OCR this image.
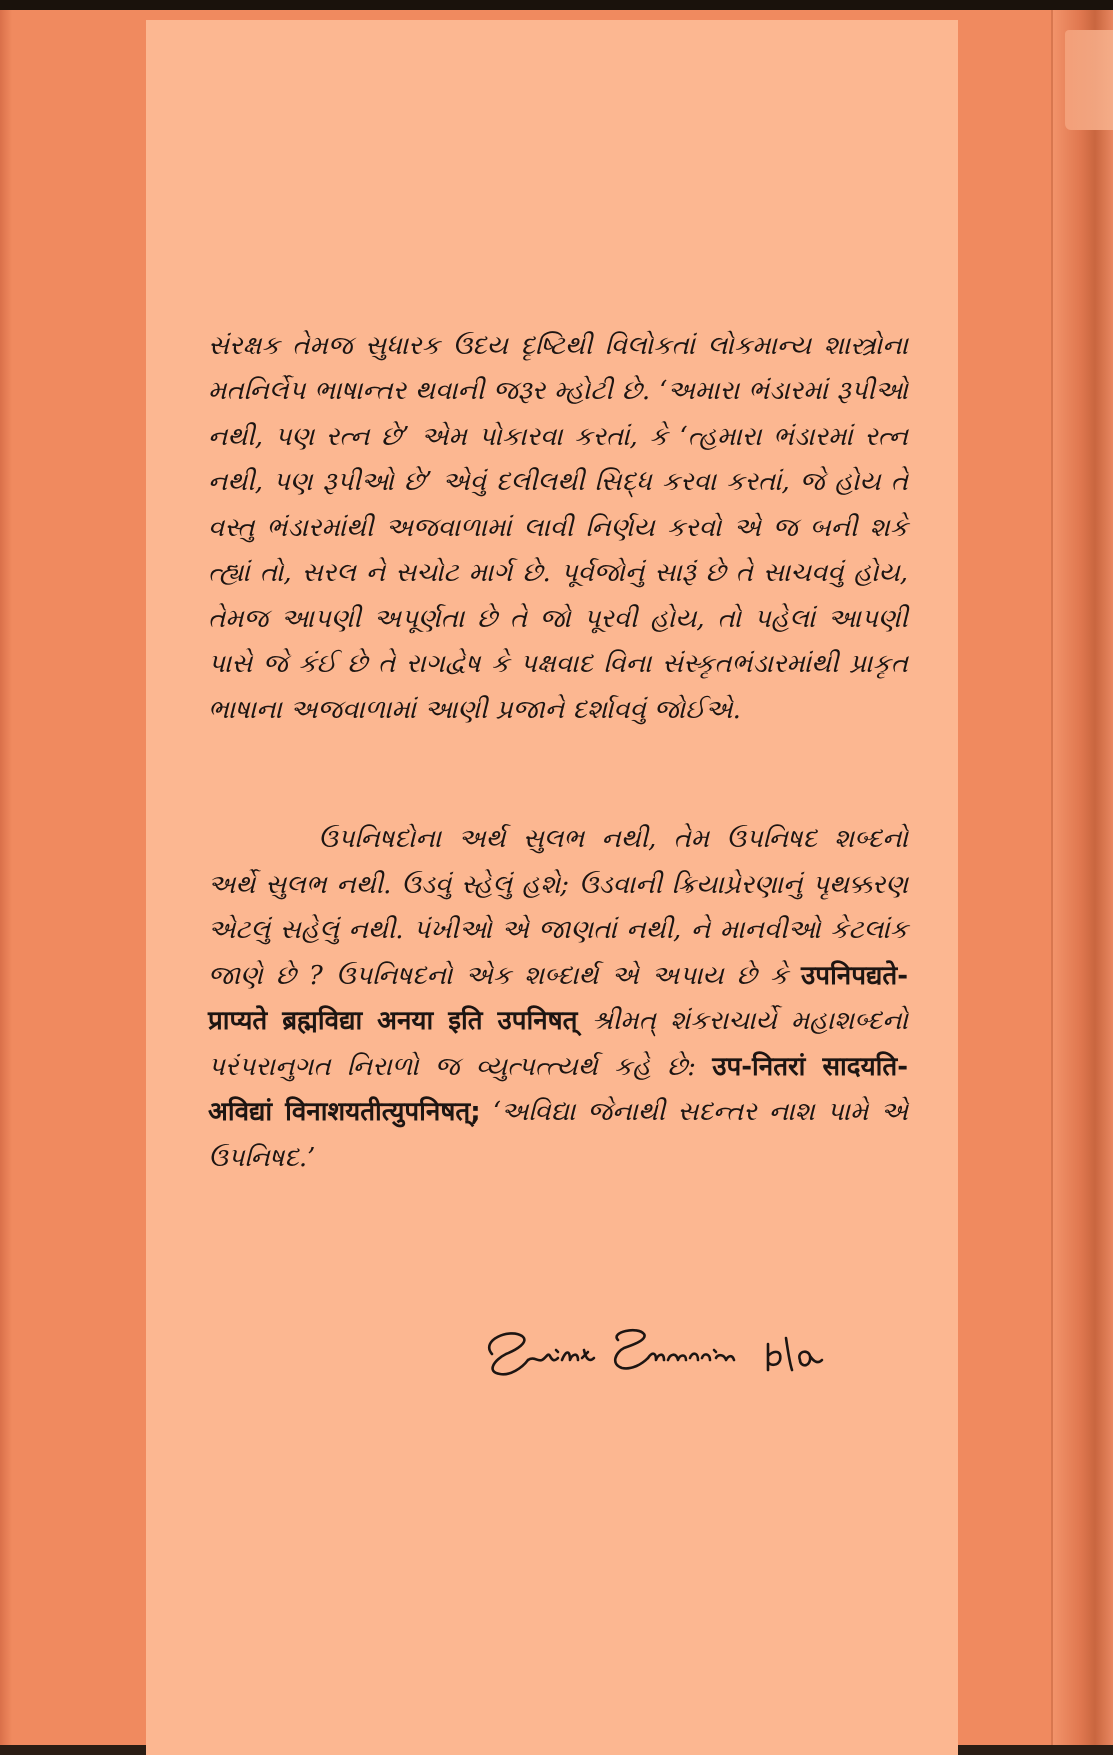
સંરક્ષક તેમજ સુધારક ઉદય દૃષ્ટિથી વિલોકતાં લોકમાન્ય શાસ્ત્રોના મતનિર્લેપ ભાષાન્તર થવાની જરૂર મ્હોટી છે. ‘અમારા ભંડારમાં રૂપીઓ નથી, પણ રત્ન છે’ એમ પોકારવા કરતાં, કે ‘ત્હમારા ભંડારમાં રત્ન નથી, પણ રૂપીઓ છે’ એવું દલીલથી સિદ્ધ કરવા કરતાં, જે હોય તે વસ્તુ ભંડારમાંથી અજવાળામાં લાવી નિર્ણય કરવો એ જ બની શકે ત્હ્યાં તો, સરલ ને સચોટ માર્ગ છે. પૂર્વજોનું સારૂં છે તે સાચવવું હોય, તેમજ આપણી અપૂર્ણતા છે તે જો પૂરવી હોય, તો પહેલાં આપણી પાસે જે કંઈ છે તે રાગદ્વેષ કે પક્ષવાદ વિના સંસ્કૃતભંડારમાંથી પ્રાકૃત ભાષાના અજવાળામાં આણી પ્રજાને દર્શાવવું જોઈએ.

ઉપનિષદોના અર્થ સુલભ નથી, તેમ ઉપનિષદ શબ્દનો અર્થે સુલભ નથી. ઉડવું સ્હેલું હશે; ઉડવાની ક્રિયાપ્રેરણાનું પૃથક્કરણ એટલું સહેલું નથી. પંખીઓ એ જાણતાં નથી, ને માનવીઓ કેટલાંક જાણે છે ? ઉપનિષદનો એક શબ્દાર્થ એ અપાય છે કે उपनिपद्यते-प्राप्यते ब्रह्मविद्या अनया इति उपनिषत् શ્રીમત્ શંકરાચાર્યે મહાશબ્દનો પરંપરાનુગત નિરાળો જ વ્યુત્પત્ત્યર્થ કહે છે: उप-नितरां सादयति-अविद्यां विनाशयतीत्युपनिषत्; ‘અવિદ્યા જેનાથી સદન્તર નાશ પામે એ ઉપનિષદ.’
